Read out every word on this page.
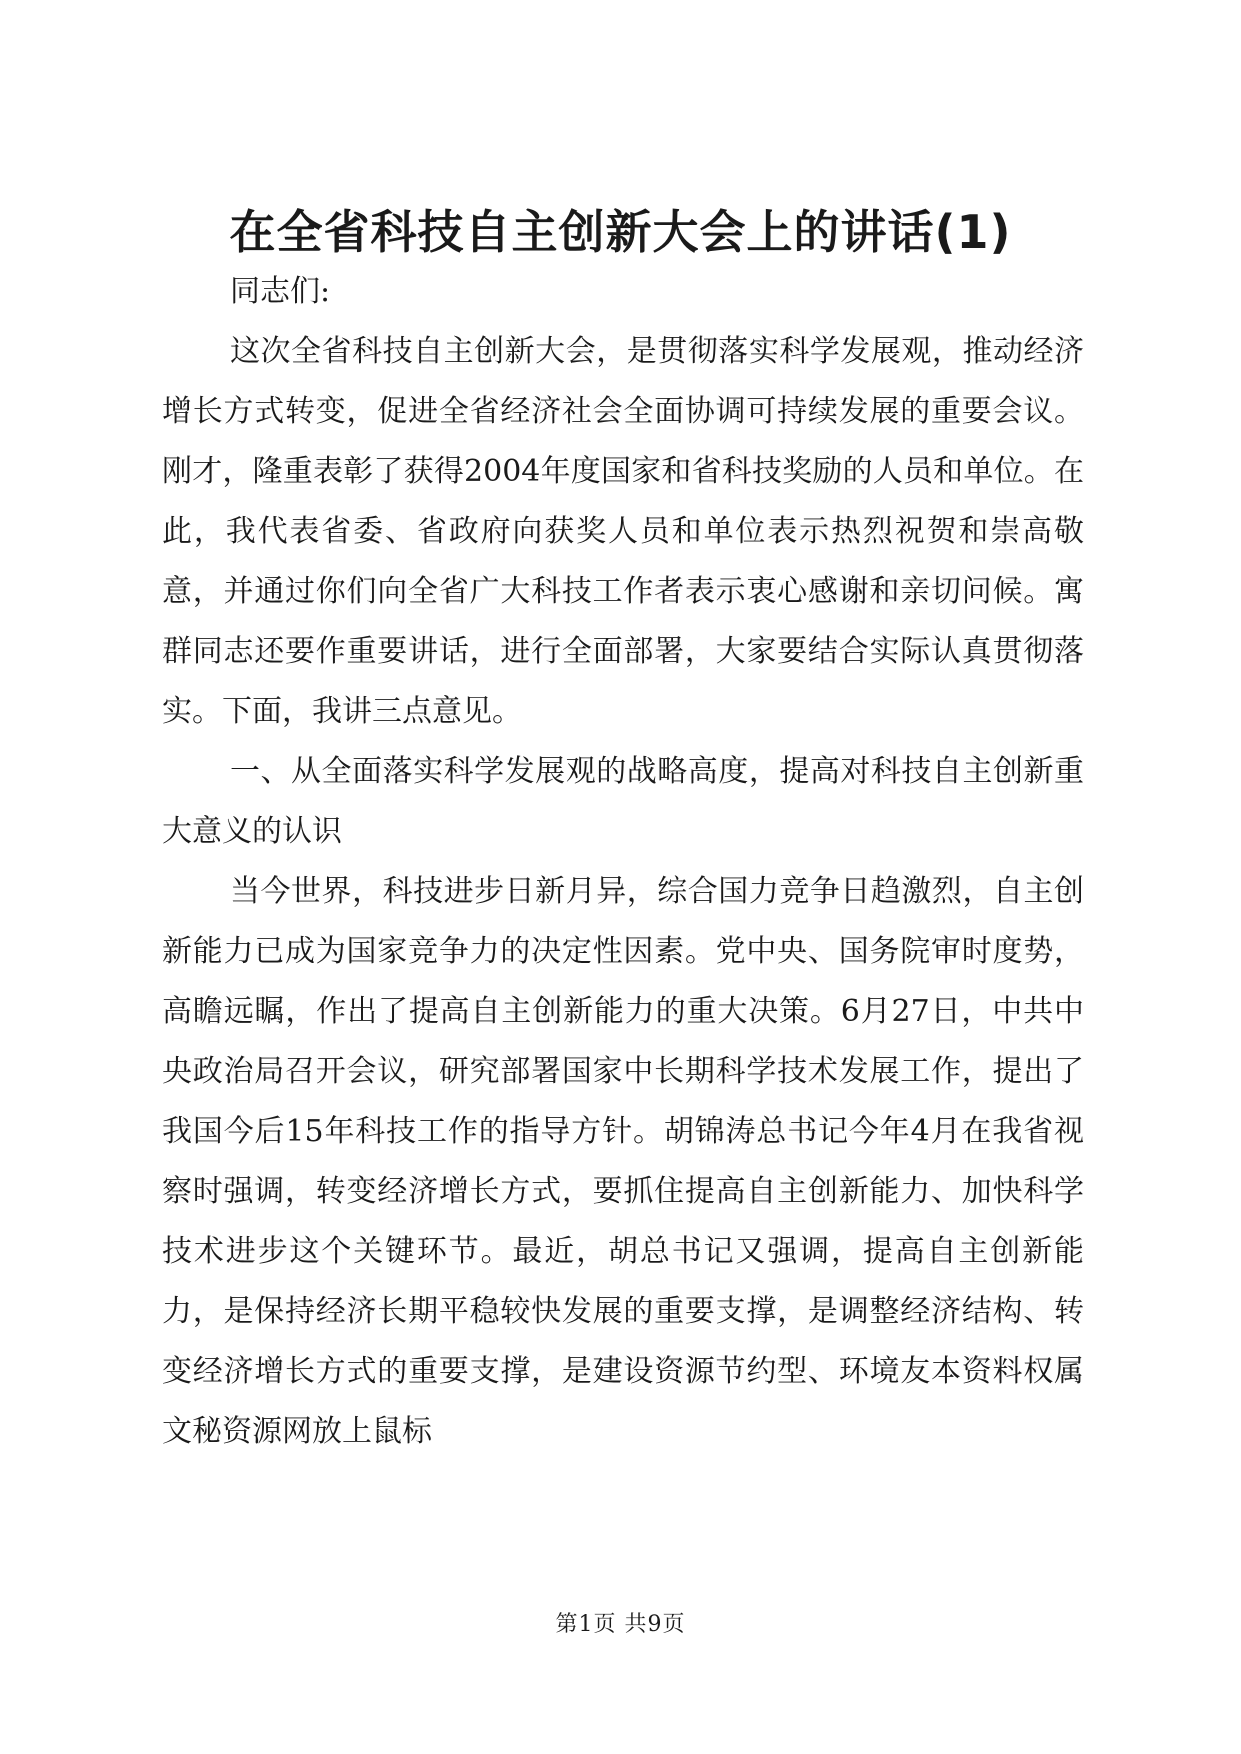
在全省科技自主创新大会上的讲话(1)

同志们:

这次全省科技自主创新大会，是贯彻落实科学发展观，推动经济增长方式转变，促进全省经济社会全面协调可持续发展的重要会议。刚才，隆重表彰了获得2004年度国家和省科技奖励的人员和单位。在此，我代表省委、省政府向获奖人员和单位表示热烈祝贺和崇高敬意，并通过你们向全省广大科技工作者表示衷心感谢和亲切问候。寓群同志还要作重要讲话，进行全面部署，大家要结合实际认真贯彻落实。下面，我讲三点意见。

一、从全面落实科学发展观的战略高度，提高对科技自主创新重大意义的认识

当今世界，科技进步日新月异，综合国力竞争日趋激烈，自主创新能力已成为国家竞争力的决定性因素。党中央、国务院审时度势，高瞻远瞩，作出了提高自主创新能力的重大决策。6月27日，中共中央政治局召开会议，研究部署国家中长期科学技术发展工作，提出了我国今后15年科技工作的指导方针。胡锦涛总书记今年4月在我省视察时强调，转变经济增长方式，要抓住提高自主创新能力、加快科学技术进步这个关键环节。最近，胡总书记又强调，提高自主创新能力，是保持经济长期平稳较快发展的重要支撑，是调整经济结构、转变经济增长方式的重要支撑，是建设资源节约型、环境友本资料权属文秘资源网放上鼠标

第1页 共9页
